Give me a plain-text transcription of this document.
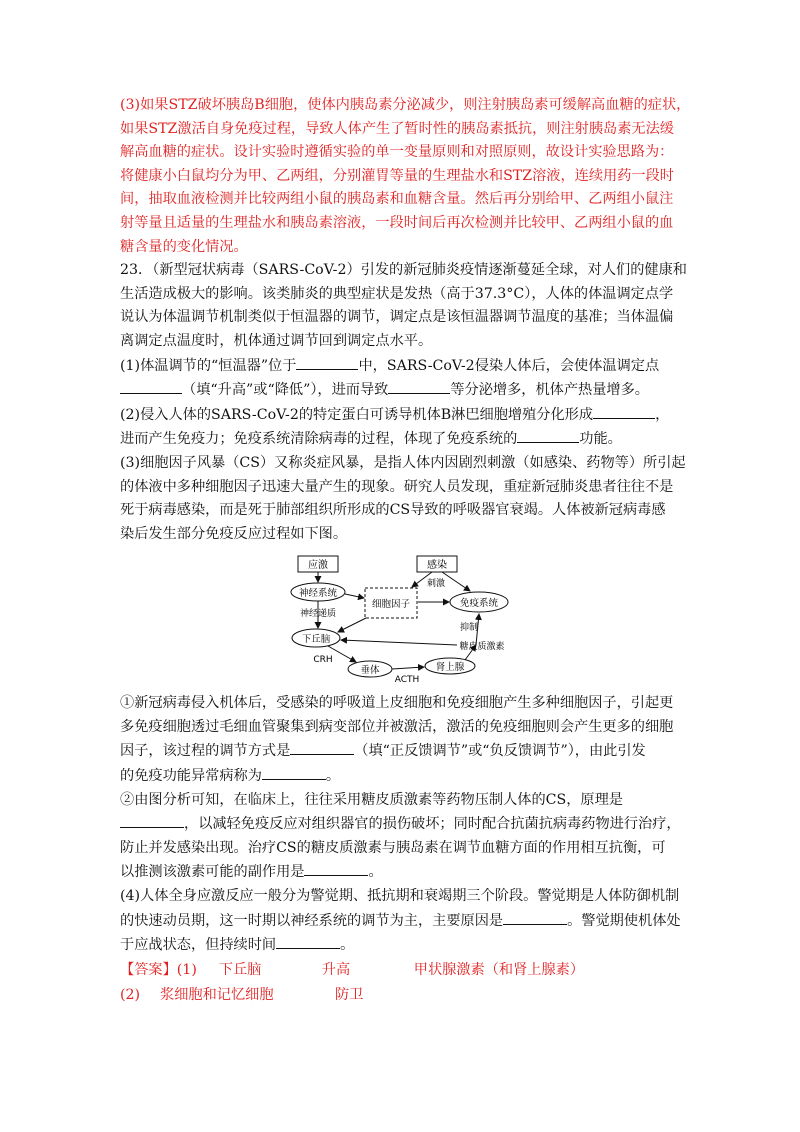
(3)如果STZ破坏胰岛B细胞，使体内胰岛素分泌减少，则注射胰岛素可缓解高血糖的症状，

如果STZ激活自身免疫过程，导致人体产生了暂时性的胰岛素抵抗，则注射胰岛素无法缓

解高血糖的症状。设计实验时遵循实验的单一变量原则和对照原则，故设计实验思路为：

将健康小白鼠均分为甲、乙两组，分别灌胃等量的生理盐水和STZ溶液，连续用药一段时

间，抽取血液检测并比较两组小鼠的胰岛素和血糖含量。然后再分别给甲、乙两组小鼠注

射等量且适量的生理盐水和胰岛素溶液，一段时间后再次检测并比较甲、乙两组小鼠的血

糖含量的变化情况。

23．（新型冠状病毒（SARS-CoV-2）引发的新冠肺炎疫情逐渐蔓延全球，对人们的健康和

生活造成极大的影响。该类肺炎的典型症状是发热（高于37.3°C），人体的体温调定点学

说认为体温调节机制类似于恒温器的调节，调定点是该恒温器调节温度的基准；当体温偏

离调定点温度时，机体通过调节回到调定点水平。

(1)体温调节的“恒温器”位于	中，SARS-CoV-2侵染人体后，会使体温调定点

（填“升高”或“降低”），进而导致	等分泌增多，机体产热量增多。

(2)侵入人体的SARS-CoV-2的特定蛋白可诱导机体B淋巴细胞增殖分化形成	，

进而产生免疫力；免疫系统清除病毒的过程，体现了免疫系统的	功能。

(3)细胞因子风暴（CS）又称炎症风暴，是指人体内因剧烈刺激（如感染、药物等）所引起

的体液中多种细胞因子迅速大量产生的现象。研究人员发现，重症新冠肺炎患者往往不是

死于病毒感染，而是死于肺部组织所形成的CS导致的呼吸器官衰竭。人体被新冠病毒感

染后发生部分免疫反应过程如下图。

应激	感染
神经系统
细胞因子	免疫系统
下丘脑
垂体	肾上腺
刺激
神经递质
抑制
糖皮质激素
CRH
ACTH

①新冠病毒侵入机体后，受感染的呼吸道上皮细胞和免疫细胞产生多种细胞因子，引起更

多免疫细胞透过毛细血管聚集到病变部位并被激活，激活的免疫细胞则会产生更多的细胞

因子，该过程的调节方式是	（填“正反馈调节”或“负反馈调节”），由此引发

的免疫功能异常病称为	。

②由图分析可知，在临床上，往往采用糖皮质激素等药物压制人体的CS，原理是

，以减轻免疫反应对组织器官的损伤破坏；同时配合抗菌抗病毒药物进行治疗，

防止并发感染出现。治疗CS的糖皮质激素与胰岛素在调节血糖方面的作用相互抗衡，可

以推测该激素可能的副作用是	。

(4)人体全身应激反应一般分为警觉期、抵抗期和衰竭期三个阶段。警觉期是人体防御机制

的快速动员期，这一时期以神经系统的调节为主，主要原因是	。警觉期使机体处

于应战状态，但持续时间	。

【答案】(1) 下丘脑	升高	甲状腺激素（和肾上腺素）
(2) 浆细胞和记忆细胞	防卫
